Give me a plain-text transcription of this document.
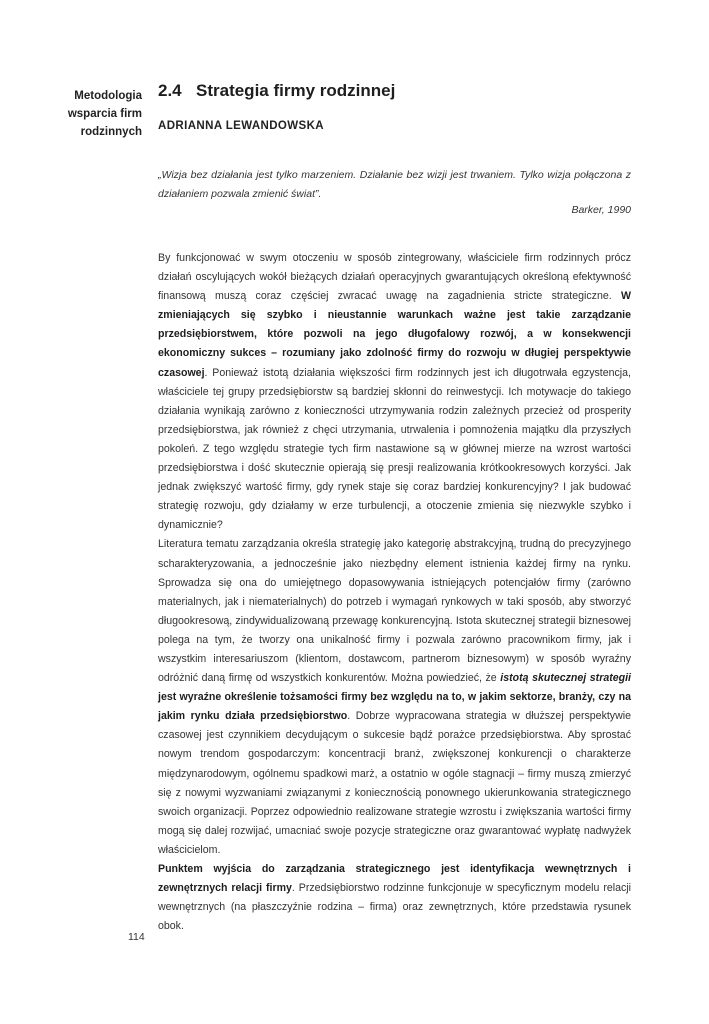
Metodologia
wsparcia firm
rodzinnych
2.4 Strategia firmy rodzinnej
ADRIANNA LEWANDOWSKA
„Wizja bez działania jest tylko marzeniem. Działanie bez wizji jest trwaniem. Tylko wizja połączona z działaniem pozwala zmienić świat”.
Barker, 1990

By funkcjonować w swym otoczeniu w sposób zintegrowany, właściciele firm rodzinnych prócz działań oscylujących wokół bieżących działań operacyjnych gwarantujących określoną efektywność finansową muszą coraz częściej zwracać uwagę na zagadnienia stricte strategiczne. W zmieniających się szybko i nieustannie warunkach ważne jest takie zarządzanie przedsiębiorstwem, które pozwoli na jego długofalowy rozwój, a w konsekwencji ekonomiczny sukces – rozumiany jako zdolność firmy do rozwoju w długiej perspektywie czasowej. Ponieważ istotą działania większości firm rodzinnych jest ich długotrwała egzystencja, właściciele tej grupy przedsiębiorstw są bardziej skłonni do reinwestycji. Ich motywacje do takiego działania wynikają zarówno z konieczności utrzymywania rodzin zależnych przecież od prosperity przedsiębiorstwa, jak również z chęci utrzymania, utrwalenia i pomnożenia majątku dla przyszłych pokoleń. Z tego względu strategie tych firm nastawione są w głównej mierze na wzrost wartości przedsiębiorstwa i dość skutecznie opierają się presji realizowania krótkookresowych korzyści. Jak jednak zwiększyć wartość firmy, gdy rynek staje się coraz bardziej konkurencyjny? I jak budować strategię rozwoju, gdy działamy w erze turbulencji, a otoczenie zmienia się niezwykle szybko i dynamicznie?

Literatura tematu zarządzania określa strategię jako kategorię abstrakcyjną, trudną do precyzyjnego scharakteryzowania, a jednocześnie jako niezbędny element istnienia każdej firmy na rynku. Sprowadza się ona do umiejętnego dopasowywania istniejących potencjałów firmy (zarówno materialnych, jak i niematerialnych) do potrzeb i wymagań rynkowych w taki sposób, aby stworzyć długookresową, zindywidualizowaną przewagę konkurencyjną. Istota skutecznej strategii biznesowej polega na tym, że tworzy ona unikalność firmy i pozwala zarówno pracownikom firmy, jak i wszystkim interesariuszom (klientom, dostawcom, partnerom biznesowym) w sposób wyraźny odróżnić daną firmę od wszystkich konkurentów. Można powiedzieć, że istotą skutecznej strategii jest wyraźne określenie tożsamości firmy bez względu na to, w jakim sektorze, branży, czy na jakim rynku działa przedsiębiorstwo. Dobrze wypracowana strategia w dłuższej perspektywie czasowej jest czynnikiem decydującym o sukcesie bądź porażce przedsiębiorstwa. Aby sprostać nowym trendom gospodarczym: koncentracji branż, zwiększonej konkurencji o charakterze międzynarodowym, ogólnemu spadkowi marż, a ostatnio w ogóle stagnacji – firmy muszą zmierzyć się z nowymi wyzwaniami związanymi z koniecznością ponownego ukierunkowania strategicznego swoich organizacji. Poprzez odpowiednio realizowane strategie wzrostu i zwiększania wartości firmy mogą się dalej rozwijać, umacniać swoje pozycje strategiczne oraz gwarantować wypłatę nadwyżek właścicielom.

Punktem wyjścia do zarządzania strategicznego jest identyfikacja wewnętrznych i zewnętrznych relacji firmy. Przedsiębiorstwo rodzinne funkcjonuje w specyficznym modelu relacji wewnętrznych (na płaszczyźnie rodzina – firma) oraz zewnętrznych, które przedstawia rysunek obok.

114
